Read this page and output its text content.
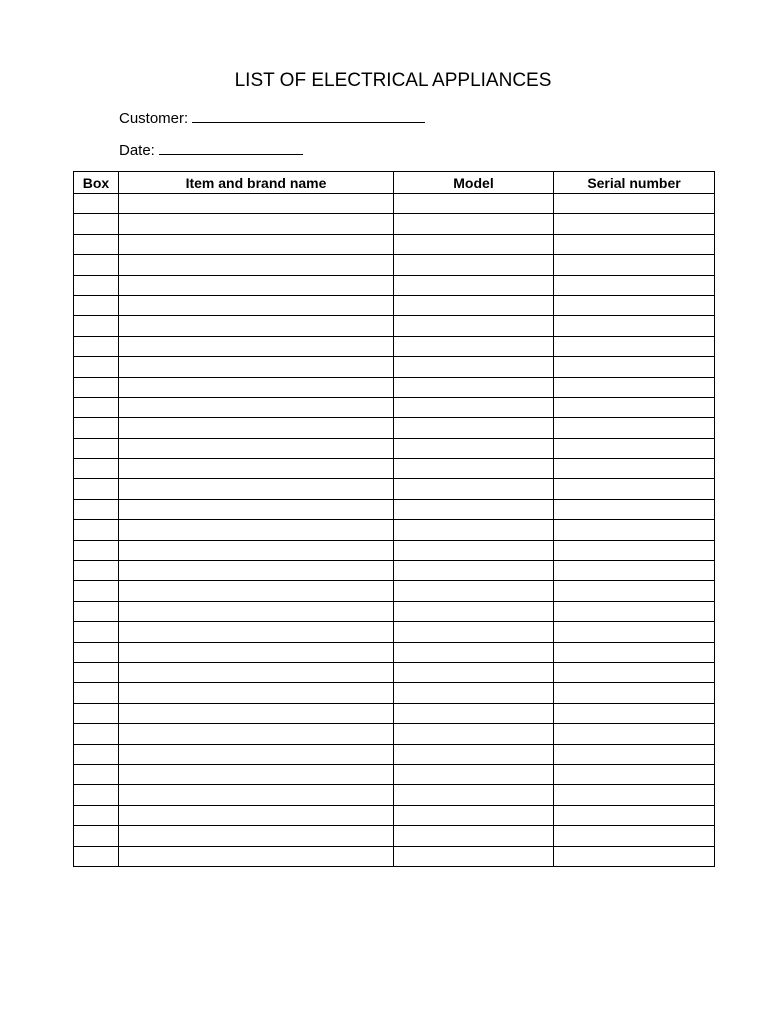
LIST OF ELECTRICAL APPLIANCES
Customer:
Date:
Box	Item and brand name	Model	Serial number
